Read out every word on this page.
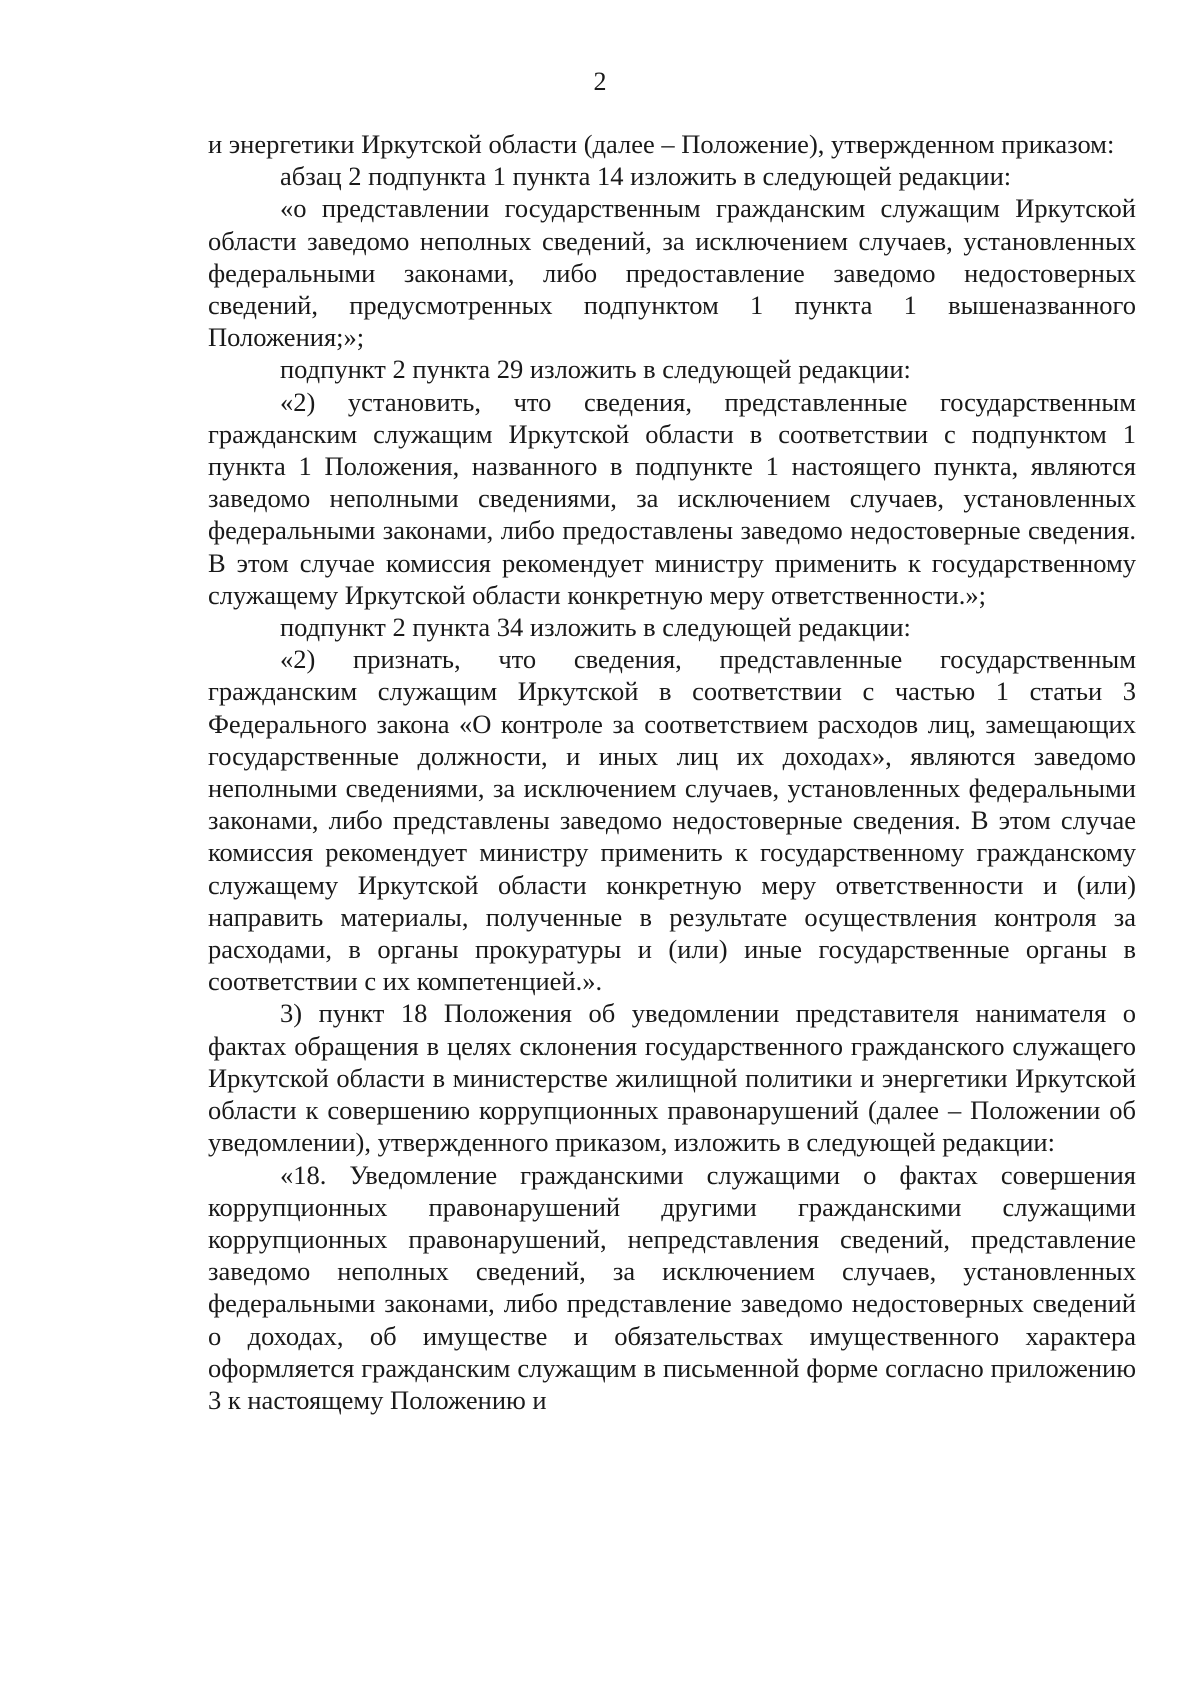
2

и энергетики Иркутской области (далее – Положение), утвержденном приказом:

абзац 2 подпункта 1 пункта 14 изложить в следующей редакции:

«о представлении государственным гражданским служащим Иркутской области заведомо неполных сведений, за исключением случаев, установленных федеральными законами, либо предоставление заведомо недостоверных сведений, предусмотренных подпунктом 1 пункта 1 вышеназванного Положения;»;

подпункт 2 пункта 29 изложить в следующей редакции:

«2) установить, что сведения, представленные государственным гражданским служащим Иркутской области в соответствии с подпунктом 1 пункта 1 Положения, названного в подпункте 1 настоящего пункта, являются заведомо неполными сведениями, за исключением случаев, установленных федеральными законами, либо предоставлены заведомо недостоверные сведения. В этом случае комиссия рекомендует министру применить к государственному служащему Иркутской области конкретную меру ответственности.»;

подпункт 2 пункта 34 изложить в следующей редакции:

«2) признать, что сведения, представленные государственным гражданским служащим Иркутской в соответствии с частью 1 статьи 3 Федерального закона «О контроле за соответствием расходов лиц, замещающих государственные должности, и иных лиц их доходах», являются заведомо неполными сведениями, за исключением случаев, установленных федеральными законами, либо представлены заведомо недостоверные сведения. В этом случае комиссия рекомендует министру применить к государственному гражданскому служащему Иркутской области конкретную меру ответственности и (или) направить материалы, полученные в результате осуществления контроля за расходами, в органы прокуратуры и (или) иные государственные органы в соответствии с их компетенцией.».

3) пункт 18 Положения об уведомлении представителя нанимателя о фактах обращения в целях склонения государственного гражданского служащего Иркутской области в министерстве жилищной политики и энергетики Иркутской области к совершению коррупционных правонарушений (далее – Положении об уведомлении), утвержденного приказом, изложить в следующей редакции:

«18. Уведомление гражданскими служащими о фактах совершения коррупционных правонарушений другими гражданскими служащими коррупционных правонарушений, непредставления сведений, представление заведомо неполных сведений, за исключением случаев, установленных федеральными законами, либо представление заведомо недостоверных сведений о доходах, об имуществе и обязательствах имущественного характера оформляется гражданским служащим в письменной форме согласно приложению 3 к настоящему Положению и
